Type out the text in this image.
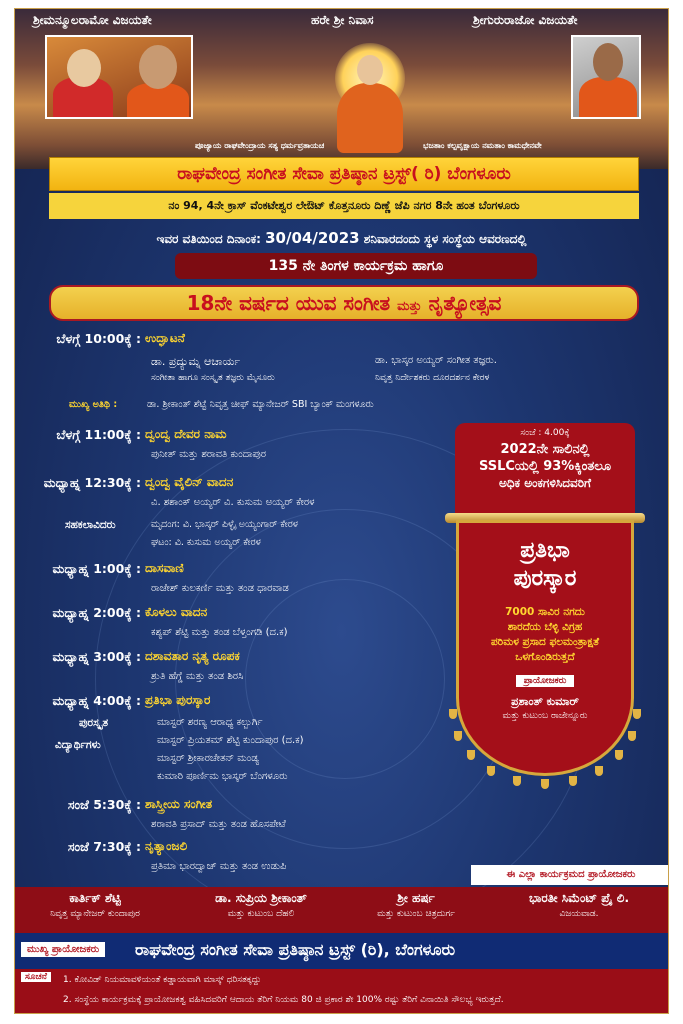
ಶ್ರೀಮನ್ಮೂಲರಾಮೋ ವಿಜಯತೇ	ಹರೇ ಶ್ರೀ ನಿವಾಸ	ಶ್ರೀಗುರುರಾಜೋ ವಿಜಯತೇ
ಪೂಜ್ಯಾಯ ರಾಘವೇಂದ್ರಾಯ ಸತ್ಯ ಧರ್ಮವ್ರತಾಯಚ	ಭಜತಾಂ ಕಲ್ಪವೃಕ್ಷಾಯ ನಮತಾಂ ಕಾಮಧೇನವೇ
ರಾಘವೇಂದ್ರ ಸಂಗೀತ ಸೇವಾ ಪ್ರತಿಷ್ಠಾನ ಟ್ರಸ್ಟ್( ರಿ) ಬೆಂಗಳೂರು
ನಂ 94, 4ನೇ ಕ್ರಾಸ್ ವೆಂಕಟೇಶ್ವರ ಲೇಔಟ್ ಕೊತ್ತನೂರು ದಿಣ್ಣೆ ಜೆಪಿ ನಗರ 8ನೇ ಹಂತ ಬೆಂಗಳೂರು
ಇವರ ವತಿಯಿಂದ ದಿನಾಂಕ: 30/04/2023 ಶನಿವಾರದಂದು ಸ್ಥಳ ಸಂಸ್ಥೆಯ ಆವರಣದಲ್ಲಿ
135 ನೇ ತಿಂಗಳ ಕಾರ್ಯಕ್ರಮ ಹಾಗೂ
18ನೇ ವರ್ಷದ ಯುವ ಸಂಗೀತ ಮತ್ತು ನೃತ್ಯೋತ್ಸವ
ಬೆಳಗ್ಗೆ 10:00ಕ್ಕೆ : ಉದ್ಘಾಟನೆ
ಡಾ. ಪ್ರದ್ಯುಮ್ನ ಆಚಾರ್ಯ
ಸಂಗೀತಾ ಹಾಗೂ ಸಂಸ್ಕೃತ ತಜ್ಞರು ಮೈಸೂರು
ಡಾ. ಭಾಸ್ಕರ ಅಯ್ಯರ್ ಸಂಗೀತ ತಜ್ಞರು.
ನಿವೃತ್ತ ನಿರ್ದೇಶಕರು ದೂರದರ್ಶನ ಕೇರಳ
ಮುಖ್ಯ ಅತಿಥಿ :	ಡಾ. ಶ್ರೀಕಾಂತ್ ಶೆಟ್ಟೆ ನಿವೃತ್ತ ಚೀಫ್ ಮ್ಯಾನೇಜರ್ SBI ಬ್ಯಾಂಕ್ ಮಂಗಳೂರು
ಬೆಳಗ್ಗೆ 11:00ಕ್ಕೆ : ದ್ವಂದ್ವ ದೇವರ ನಾಮ
ಪುನೀತ್ ಮತ್ತು ಶರಾವತಿ ಕುಂದಾಪುರ
ಮಧ್ಯಾಹ್ನ 12:30ಕ್ಕೆ : ದ್ವಂದ್ವ ವೈಲಿನ್ ವಾದನ
ವಿ. ಶಶಾಂಕ್ ಅಯ್ಯರ್ ವಿ. ಕುಸುಮ ಅಯ್ಯರ್ ಕೇರಳ
ಸಹಕಲಾವಿದರು	ಮೃದಂಗ: ವಿ. ಭಾಸ್ಕರ್ ಪಿಳ್ಳೈ ಅಯ್ಯಂಗಾರ್ ಕೇರಳ
ಘಟಂ: ವಿ. ಕುಸುಮ ಅಯ್ಯರ್ ಕೇರಳ
ಮಧ್ಯಾಹ್ನ 1:00ಕ್ಕೆ : ದಾಸವಾಣಿ
ರಾಜೇಶ್ ಕುಲಕರ್ಣಿ ಮತ್ತು ತಂಡ ಧಾರವಾಡ
ಮಧ್ಯಾಹ್ನ 2:00ಕ್ಕೆ : ಕೊಳಲು ವಾದನ
ಕಶ್ಯಪ್ ಶೆಟ್ಟಿ ಮತ್ತು ತಂಡ ಬೆಳ್ತಂಗಡಿ (ದ.ಕ)
ಮಧ್ಯಾಹ್ನ 3:00ಕ್ಕೆ : ದಶಾವತಾರ ನೃತ್ಯ ರೂಪಕ
ಶ್ರುತಿ ಹೆಗ್ಡೆ ಮತ್ತು ತಂಡ ಶಿರಸಿ
ಮಧ್ಯಾಹ್ನ 4:00ಕ್ಕೆ : ಪ್ರತಿಭಾ ಪುರಸ್ಕಾರ
ಪುರಸ್ಕೃತ
ವಿದ್ಯಾರ್ಥಿಗಳು
ಮಾಸ್ಟರ್ ಶರಣ್ಯ ಆರಾಧ್ಯ ಕಲ್ಬುರ್ಗಿ
ಮಾಸ್ಟರ್ ಪ್ರಿಯತಮ್ ಶೆಟ್ಟಿ ಕುಂದಾಪುರ (ದ.ಕ)
ಮಾಸ್ಟರ್ ಶ್ರೀಕಾರಚೇತನ್ ಮಂಡ್ಯ
ಕುಮಾರಿ ಪೂರ್ಣಿಮ ಭಾಸ್ಕರ್ ಬೆಂಗಳೂರು
ಸಂಜೆ 5:30ಕ್ಕೆ : ಶಾಸ್ತ್ರೀಯ ಸಂಗೀತ
ಶರಾವತಿ ಪ್ರಸಾದ್ ಮತ್ತು ತಂಡ ಹೊಸಪೇಟೆ
ಸಂಜೆ 7:30ಕ್ಕೆ : ನೃತ್ಯಾಂಜಲಿ
ಪ್ರತಿಮಾ ಭಾರದ್ವಾಜ್ ಮತ್ತು ತಂಡ ಉಡುಪಿ
ಸಂಜೆ : 4.00ಕ್ಕೆ
2022ನೇ ಸಾಲಿನಲ್ಲಿ
SSLCಯಲ್ಲಿ 93%ಕ್ಕಿಂತಲೂ
ಅಧಿಕ ಅಂಕಗಳಿಸಿದವರಿಗೆ
ಪ್ರತಿಭಾ
ಪುರಸ್ಕಾರ
7000 ಸಾವಿರ ನಗದು
ಶಾರದೆಯ ಬೆಳ್ಳಿ ವಿಗ್ರಹ
ಪರಿಮಳ ಪ್ರಸಾದ ಫಲಮಂತ್ರಾಕ್ಷತೆ
ಒಳಗೊಂಡಿರುತ್ತದೆ
ಪ್ರಾಯೋಜಕರು
ಪ್ರಶಾಂತ್ ಕುಮಾರ್
ಮತ್ತು ಕುಟುಂಬ ರಾಜೇನ್ನೂರು
ಈ ಎಲ್ಲಾ ಕಾರ್ಯಕ್ರಮದ ಪ್ರಾಯೋಜಕರು
ಕಾರ್ತಿಕ್ ಶೆಟ್ಟಿ
ನಿವೃತ್ತ ಮ್ಯಾನೇಜರ್ ಕುಂದಾಪುರ
ಡಾ. ಸುಪ್ರಿಯ ಶ್ರೀಕಾಂತ್
ಮತ್ತು ಕುಟುಂಬ ದೆಹಲಿ
ಶ್ರೀ ಹರ್ಷ
ಮತ್ತು ಕುಟುಂಬ ಚಿತ್ರದುರ್ಗ
ಭಾರತೀ ಸಿಮೆಂಟ್ ಪ್ರೈ ಲಿ.
ವಿಜಯವಾಡ.
ಮುಖ್ಯ ಪ್ರಾಯೋಜಕರು	ರಾಘವೇಂದ್ರ ಸಂಗೀತ ಸೇವಾ ಪ್ರತಿಷ್ಠಾನ ಟ್ರಸ್ಟ್ (ರಿ), ಬೆಂಗಳೂರು
ಸೂಚನೆ	1. ಕೋವಿಡ್ ನಿಯಮಾವಳಿಯಂತೆ ಕಡ್ಡಾಯವಾಗಿ ಮಾಸ್ಕ್ ಧರಿಸತಕ್ಕದ್ದು
2. ಸಂಸ್ಥೆಯ ಕಾರ್ಯಕ್ರಮಕ್ಕೆ ಪ್ರಾಯೋಜಕತ್ವ ವಹಿಸಿದವರಿಗೆ ಆದಾಯ ತೆರಿಗೆ ನಿಯಮ 80 ಜಿ ಪ್ರಕಾರ ಶೇ 100% ರಷ್ಟು ತೆರಿಗೆ ವಿನಾಯಿತಿ ಸೌಲಭ್ಯ ಇರುತ್ತದೆ.
